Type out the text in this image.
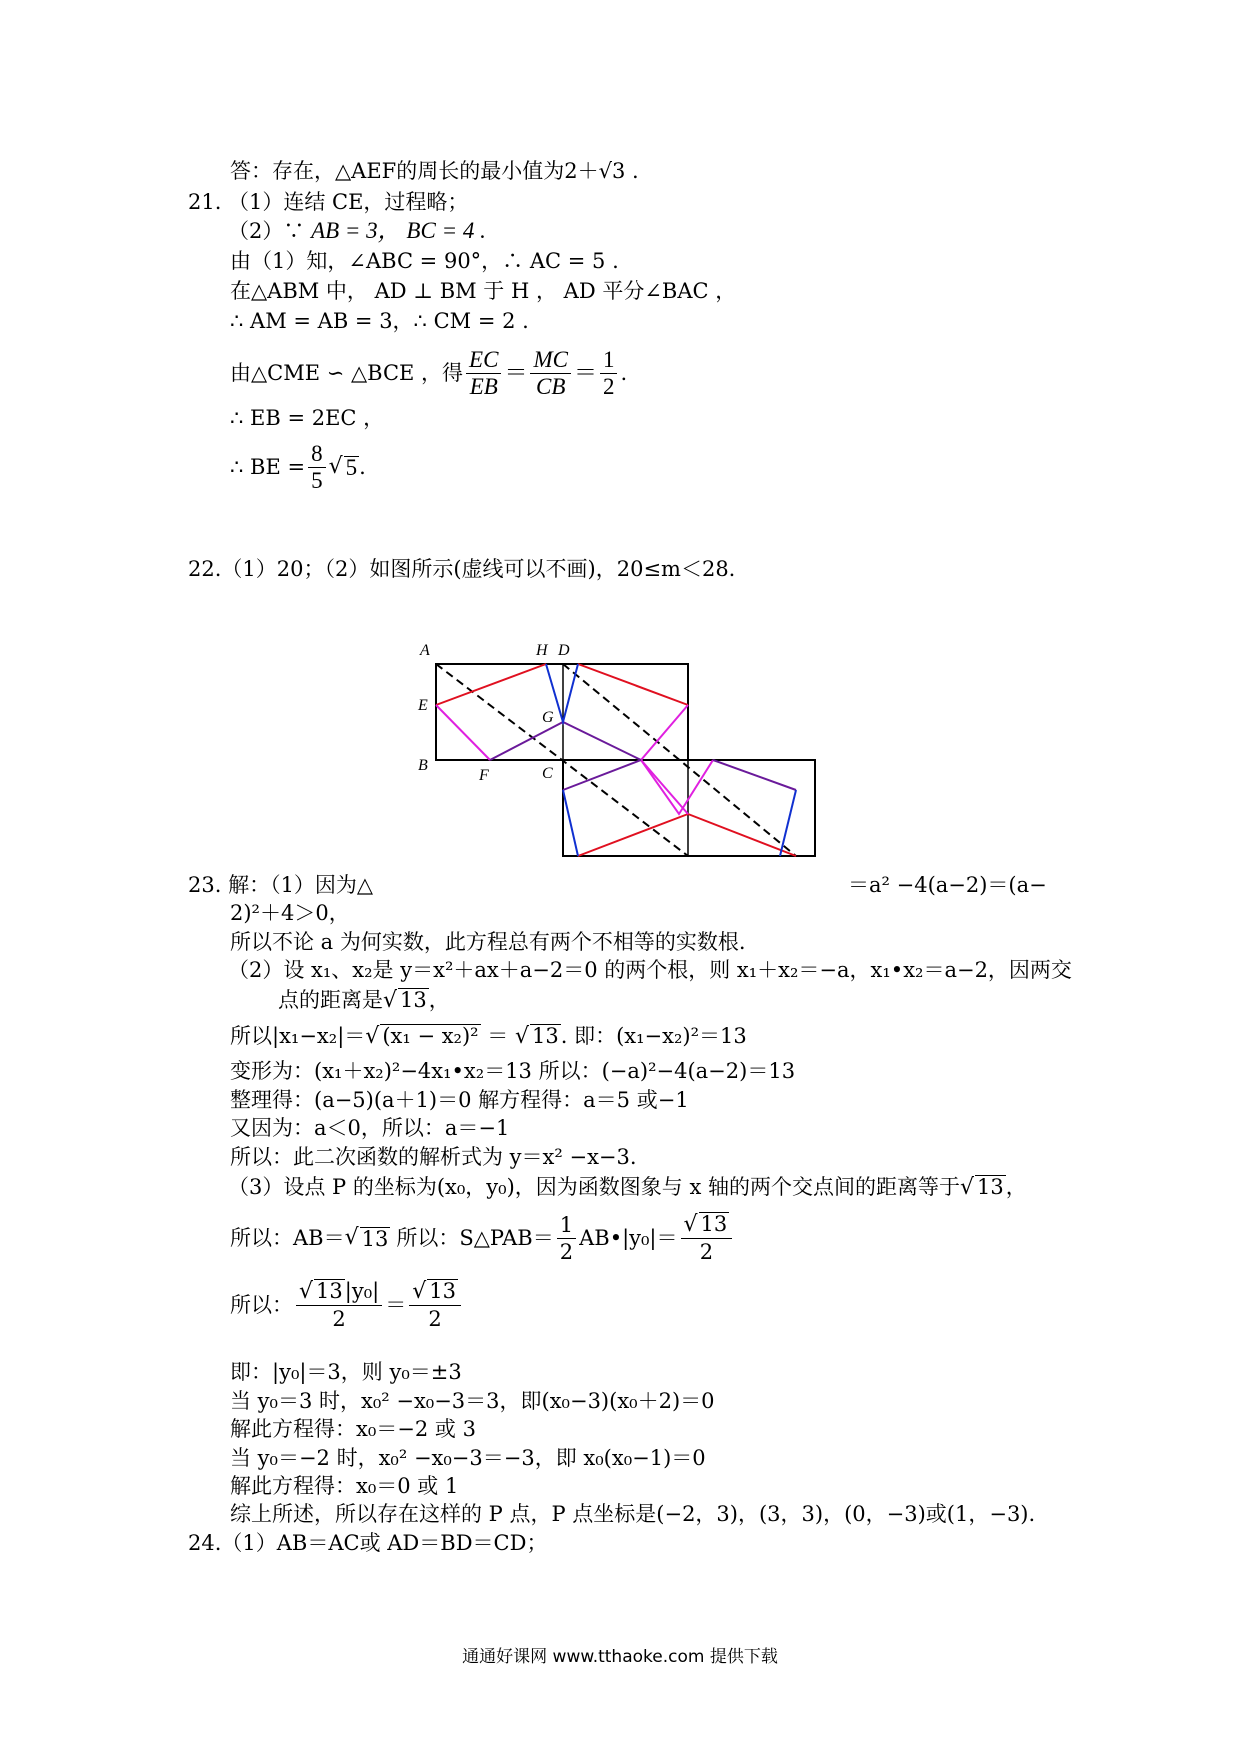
答：存在，△AEF的周长的最小值为2＋√3 .
21. （1）连结 CE，过程略；
（2）∵ AB = 3， BC = 4 .
由（1）知，∠ABC = 90°，∴ AC = 5 .
在△ABM 中， AD ⊥ BM 于 H ， AD 平分∠BAC ，
∴ AM = AB = 3，∴ CM = 2 .
由△CME ∽ △BCE ，得 $\frac{EC}{EB} = \frac{MC}{CB} = \frac{1}{2}$ .
∴ EB = 2EC ，
∴ BE = $\frac{8}{5}$ √ 5 .
22.（1）20；（2）如图所示(虚线可以不画)，20≤m＜28.
A	H D
E
G
B
F	C
23. 解：（1）因为△	＝a² −4(a−2)＝(a−
2)²＋4＞0，
所以不论 a 为何实数，此方程总有两个不相等的实数根.
（2）设 x₁、x₂是 y＝x²＋ax＋a−2＝0 的两个根，则 x₁＋x₂＝−a，x₁•x₂＝a−2，因两交
点的距离是√ 13，
所以|x₁−x₂|＝√ (x₁ − x₂)² ＝ √ 13. 即：(x₁−x₂)²＝13
变形为：(x₁＋x₂)²−4x₁•x₂＝13 所以：(−a)²−4(a−2)＝13
整理得：(a−5)(a＋1)＝0 解方程得：a＝5 或−1
又因为：a＜0，所以：a＝−1
所以：此二次函数的解析式为 y＝x² −x−3.
（3）设点 P 的坐标为(x₀，y₀)，因为函数图象与 x 轴的两个交点间的距离等于√ 13，
所以：AB＝ √ 13 所以：S△PAB＝ $\frac{1}{2}$ AB•|y₀|＝ $\frac{√ 13}{2}$
所以： $\frac{\text{√ 13|y₀|}}{2} = \frac{√ 13}{2}$
即：|y₀|＝3，则 y₀＝±3
当 y₀＝3 时，x₀² −x₀−3＝3，即(x₀−3)(x₀＋2)＝0
解此方程得：x₀＝−2 或 3
当 y₀＝−2 时，x₀² −x₀−3＝−3，即 x₀(x₀−1)＝0
解此方程得：x₀＝0 或 1
综上所述，所以存在这样的 P 点，P 点坐标是(−2，3)，(3，3)，(0，−3)或(1，−3).
24.（1）AB＝AC或 AD＝BD＝CD；
通通好课网 www.tthaoke.com 提供下载
